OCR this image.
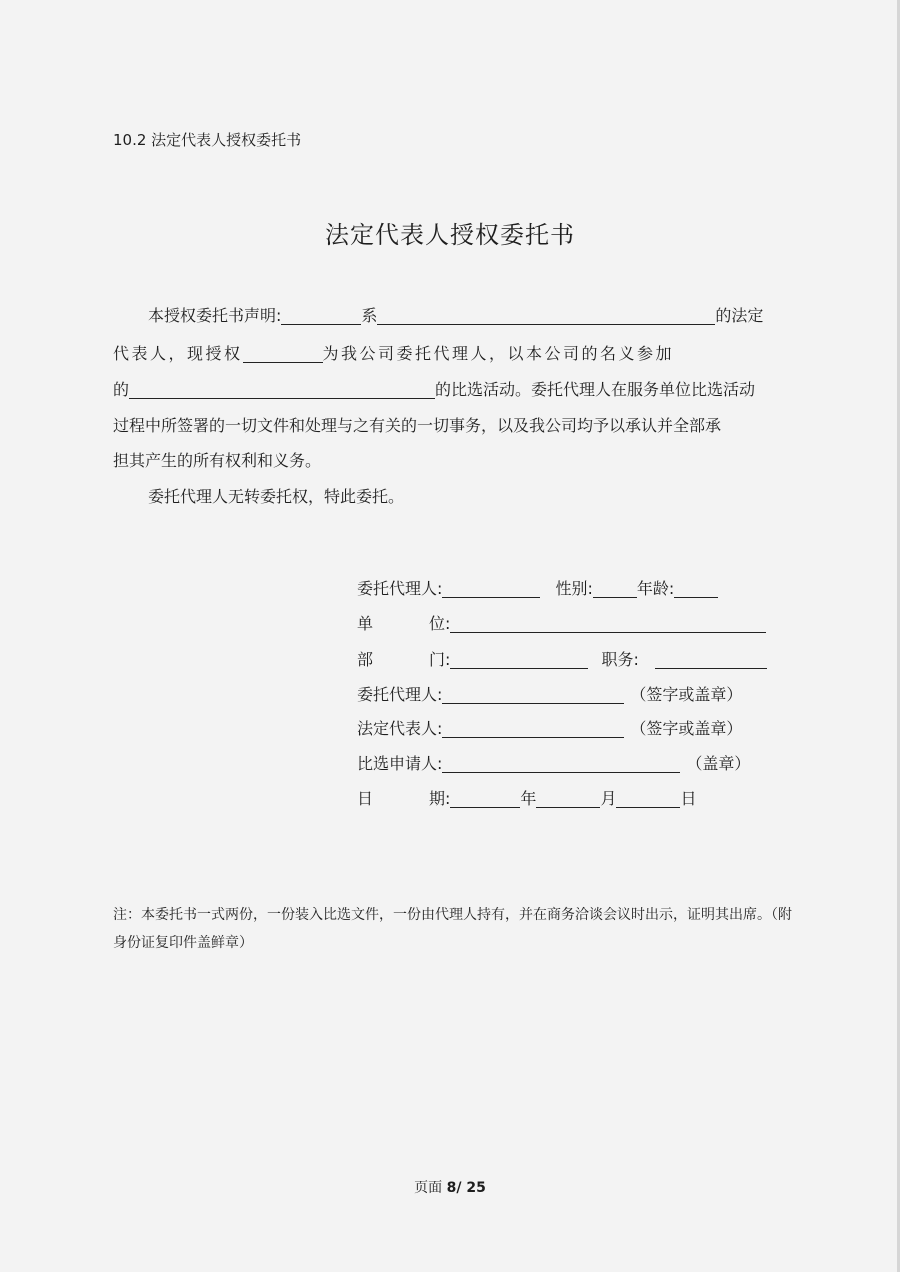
10.2 法定代表人授权委托书
法定代表人授权委托书
本授权委托书声明:	系	的法定
代表人，现授权	为我公司委托代理人，以本公司的名义参加
的	的比选活动。委托代理人在服务单位比选活动
过程中所签署的一切文件和处理与之有关的一切事务，以及我公司均予以承认并全部承
担其产生的所有权利和义务。
委托代理人无转委托权，特此委托。
委托代理人:	性别:	年龄:
单	位:
部	门:	职务:
委托代理人:	（签字或盖章）
法定代表人:	（签字或盖章）
比选申请人:	（盖章）
日	期:	年	月	日
注：本委托书一式两份，一份装入比选文件，一份由代理人持有，并在商务洽谈会议时出示，证明其出席。（附身份证复印件盖鲜章）
页面 8/ 25
